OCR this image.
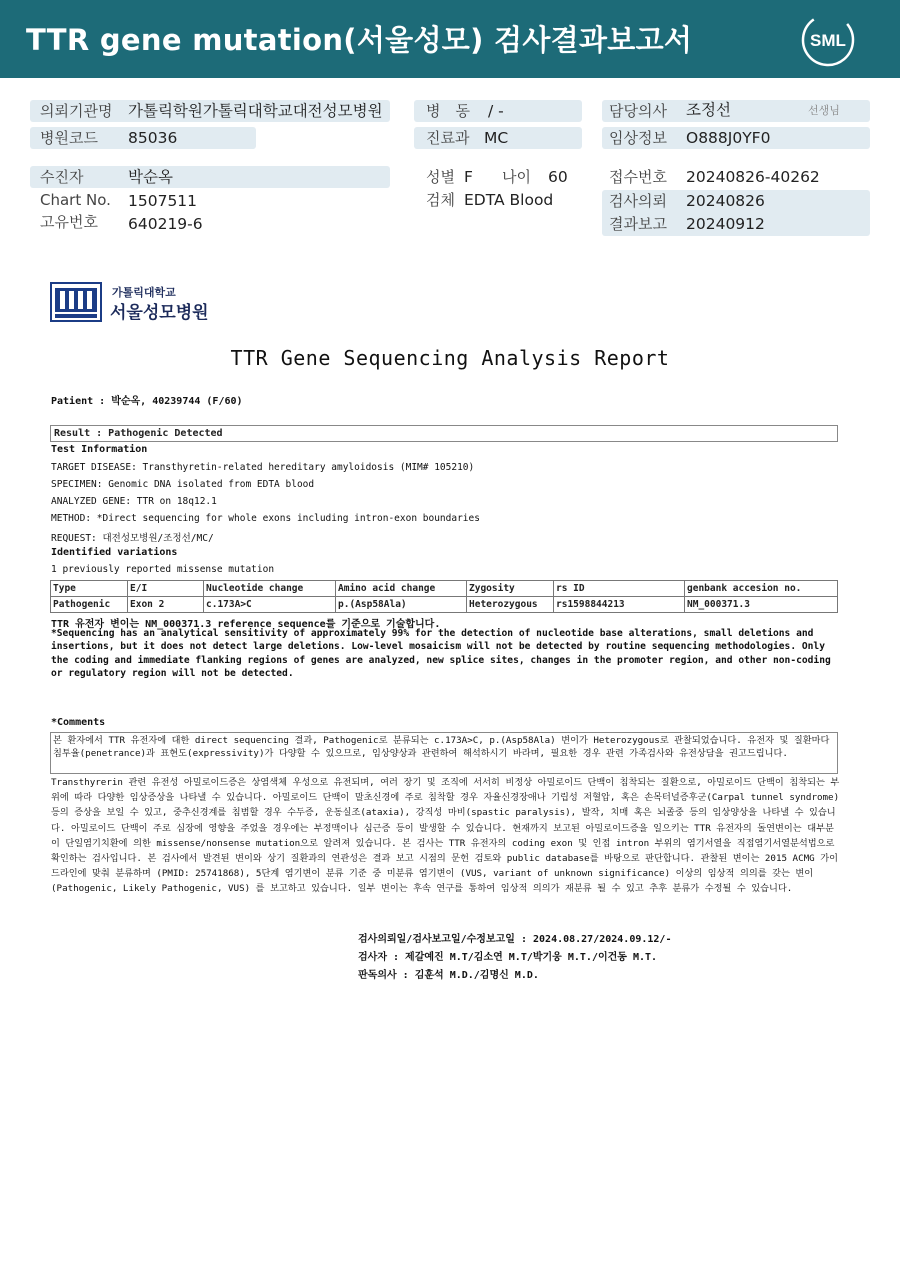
TTR gene mutation(서울성모) 검사결과보고서	SML
의뢰기관명 가톨릭학원가톨릭대학교대전성모병원	병　동 / -	담당의사 조정선	선생님
병원코드 85036	진료과 MC	임상정보 O888J0YF0
수진자	박순옥
Chart No. 1507511
고유번호 640219-6
성별 F 나이 60
검체 EDTA Blood
접수번호 20240826-40262
검사의뢰 20240826
결과보고 20240912
가톨릭대학교
서울성모병원
TTR Gene Sequencing Analysis Report
Patient : 박순옥, 40239744 (F/60)
Result : Pathogenic Detected
Test Information
TARGET DISEASE: Transthyretin-related hereditary amyloidosis (MIM# 105210)
SPECIMEN: Genomic DNA isolated from EDTA blood
ANALYZED GENE: TTR on 18q12.1
METHOD: *Direct sequencing for whole exons including intron-exon boundaries
REQUEST: 대전성모병원/조정선/MC/
Identified variations
1 previously reported missense mutation
Type	E/I	Nucleotide change	Amino acid change	Zygosity	rs ID	genbank accesion no.
Pathogenic	Exon 2	c.173A>C	p.(Asp58Ala)	Heterozygous	rs1598844213	NM_000371.3
TTR 유전자 변이는 NM_000371.3 reference sequence를 기준으로 기술합니다.
*Sequencing has an analytical sensitivity of approximately 99% for the detection of nucleotide base alterations, small deletions and insertions, but it does not detect large deletions. Low-level mosaicism will not be detected by routine sequencing methodologies. Only the coding and immediate flanking regions of genes are analyzed, new splice sites, changes in the promoter region, and other non-coding or regulatory region will not be detected.
*Comments
본 환자에서 TTR 유전자에 대한 direct sequencing 결과, Pathogenic로 분류되는 c.173A>C, p.(Asp58Ala) 변이가 Heterozygous로 관찰되었습니다. 유전자 및 질환마다 침투율(penetrance)과 표현도(expressivity)가 다양할 수 있으므로, 임상양상과 관련하여 해석하시기 바라며, 필요한 경우 관련 가족검사와 유전상담을 권고드립니다.
Transthyrerin 관련 유전성 아밀로이드증은 상염색체 우성으로 유전되며, 여러 장기 및 조직에 서서히 비정상 아밀로이드 단백이 침착되는 질환으로, 아밀로이드 단백이 침착되는 부위에 따라 다양한 임상증상을 나타낼 수 있습니다. 아밀로이드 단백이 말초신경에 주로 침착할 경우 자율신경장애나 기립성 저혈압, 혹은 손목터널증후군(Carpal tunnel syndrome) 등의 증상을 보일 수 있고, 중추신경계를 침범할 경우 수두증, 운동실조(ataxia), 강직성 마비(spastic paralysis), 발작, 치매 혹은 뇌졸중 등의 임상양상을 나타낼 수 있습니다. 아밀로이드 단백이 주로 심장에 영향을 주었을 경우에는 부정맥이나 심근증 등이 발생할 수 있습니다. 현재까지 보고된 아밀로이드증을 일으키는 TTR 유전자의 돌연변이는 대부분이 단일염기치환에 의한 missense/nonsense mutation으로 알려져 있습니다. 본 검사는 TTR 유전자의 coding exon 및 인접 intron 부위의 염기서열을 직접염기서열분석법으로 확인하는 검사입니다. 본 검사에서 발견된 변이와 상기 질환과의 연관성은 결과 보고 시점의 문헌 검토와 public database를 바탕으로 판단합니다. 관찰된 변이는 2015 ACMG 가이드라인에 맞춰 분류하며 (PMID: 25741868), 5단계 염기변이 분류 기준 중 미분류 염기변이 (VUS, variant of unknown significance) 이상의 임상적 의의를 갖는 변이 (Pathogenic, Likely Pathogenic, VUS) 를 보고하고 있습니다. 일부 변이는 후속 연구를 통하여 임상적 의의가 재분류 될 수 있고 추후 분류가 수정될 수 있습니다.
검사의뢰일/검사보고일/수정보고일 : 2024.08.27/2024.09.12/-
검사자 : 제갈예진 M.T/김소연 M.T/박기웅 M.T./이건동 M.T.
판독의사 : 김훈석 M.D./김명신 M.D.
